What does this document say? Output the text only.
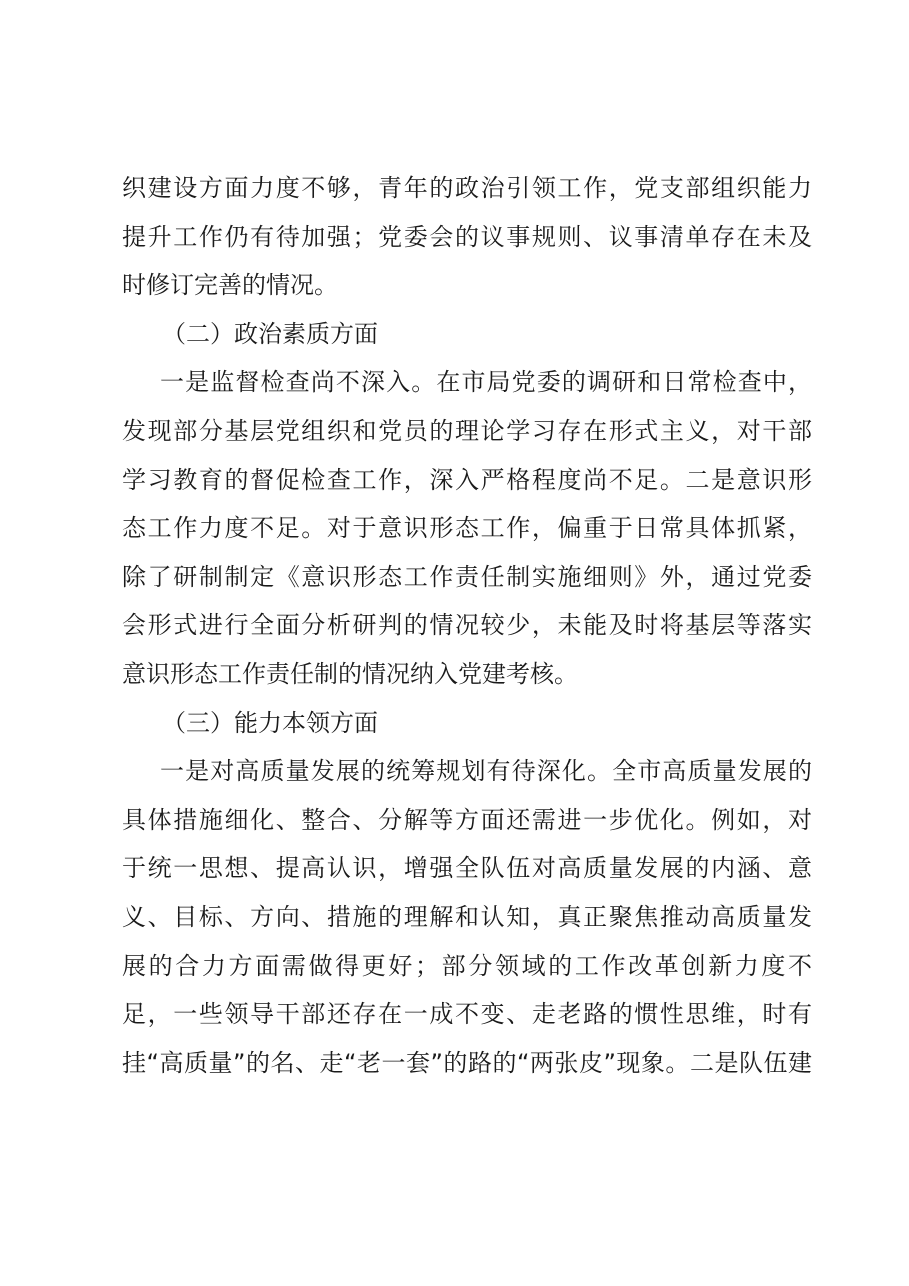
织建设方面力度不够，青年的政治引领工作，党支部组织能力
提升工作仍有待加强；党委会的议事规则、议事清单存在未及
时修订完善的情况。
（二）政治素质方面
一是监督检查尚不深入。在市局党委的调研和日常检查中，
发现部分基层党组织和党员的理论学习存在形式主义，对干部
学习教育的督促检查工作，深入严格程度尚不足。二是意识形
态工作力度不足。对于意识形态工作，偏重于日常具体抓紧，
除了研制制定《意识形态工作责任制实施细则》外，通过党委
会形式进行全面分析研判的情况较少，未能及时将基层等落实
意识形态工作责任制的情况纳入党建考核。
（三）能力本领方面
一是对高质量发展的统筹规划有待深化。全市高质量发展的
具体措施细化、整合、分解等方面还需进一步优化。例如，对
于统一思想、提高认识，增强全队伍对高质量发展的内涵、意
义、目标、方向、措施的理解和认知，真正聚焦推动高质量发
展的合力方面需做得更好；部分领域的工作改革创新力度不
足，一些领导干部还存在一成不变、走老路的惯性思维，时有
挂“高质量”的名、走“老一套”的路的“两张皮”现象。二是队伍建
